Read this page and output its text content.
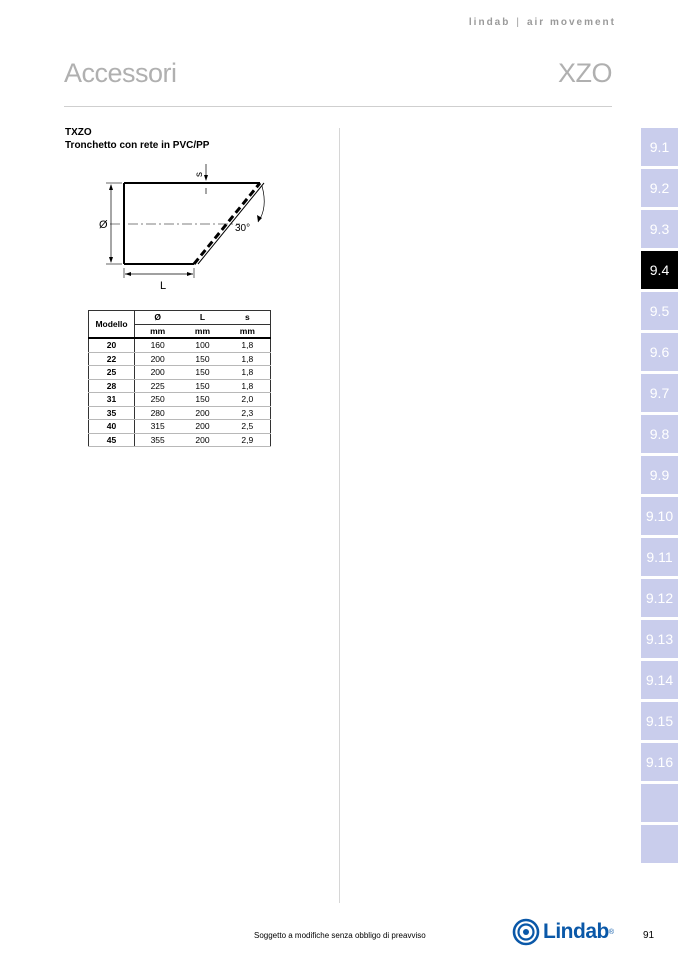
lindab | air movement
Accessori	XZO
TXZO
Tronchetto con rete in PVC/PP
Ø
L
s
30°
Modello	Ø	L	s
	mm	mm	mm
20	160	100	1,8
22	200	150	1,8
25	200	150	1,8
28	225	150	1,8
31	250	150	2,0
35	280	200	2,3
40	315	200	2,5
45	355	200	2,9
9.1
9.2
9.3
9.4
9.5
9.6
9.7
9.8
9.9
9.10
9.11
9.12
9.13
9.14
9.15
9.16
Soggetto a modifiche senza obbligo di preavviso	Lindab ®	91
